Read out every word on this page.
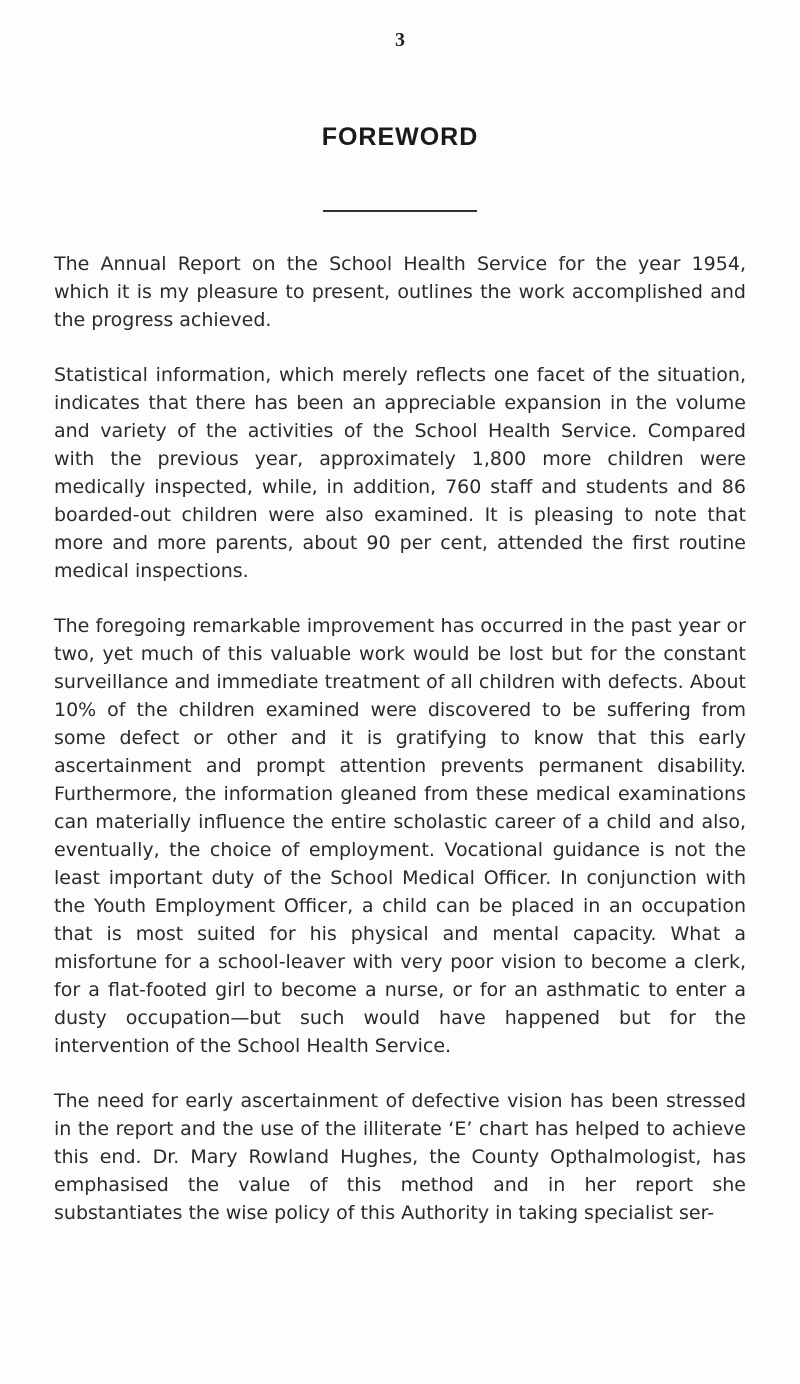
3
FOREWORD

The Annual Report on the School Health Service for the year 1954, which it is my pleasure to present, outlines the work accomplished and the progress achieved.

Statistical information, which merely reflects one facet of the situation, indicates that there has been an appreciable expansion in the volume and variety of the activities of the School Health Service. Compared with the previous year, approximately 1,800 more children were medically inspected, while, in addition, 760 staff and students and 86 boarded-out children were also examined. It is pleasing to note that more and more parents, about 90 per cent, attended the first routine medical inspections.

The foregoing remarkable improvement has occurred in the past year or two, yet much of this valuable work would be lost but for the constant surveillance and immediate treatment of all children with defects. About 10% of the children examined were discovered to be suffering from some defect or other and it is gratifying to know that this early ascertainment and prompt attention prevents permanent disability. Furthermore, the information gleaned from these medical examinations can materially influence the entire scholastic career of a child and also, eventually, the choice of employment. Vocational guidance is not the least important duty of the School Medical Officer. In conjunction with the Youth Employment Officer, a child can be placed in an occupation that is most suited for his physical and mental capacity. What a misfortune for a school-leaver with very poor vision to become a clerk, for a flat-footed girl to become a nurse, or for an asthmatic to enter a dusty occupation—but such would have happened but for the intervention of the School Health Service.

The need for early ascertainment of defective vision has been stressed in the report and the use of the illiterate ‘E’ chart has helped to achieve this end. Dr. Mary Rowland Hughes, the County Opthalmologist, has emphasised the value of this method and in her report she substantiates the wise policy of this Authority in taking specialist ser-
